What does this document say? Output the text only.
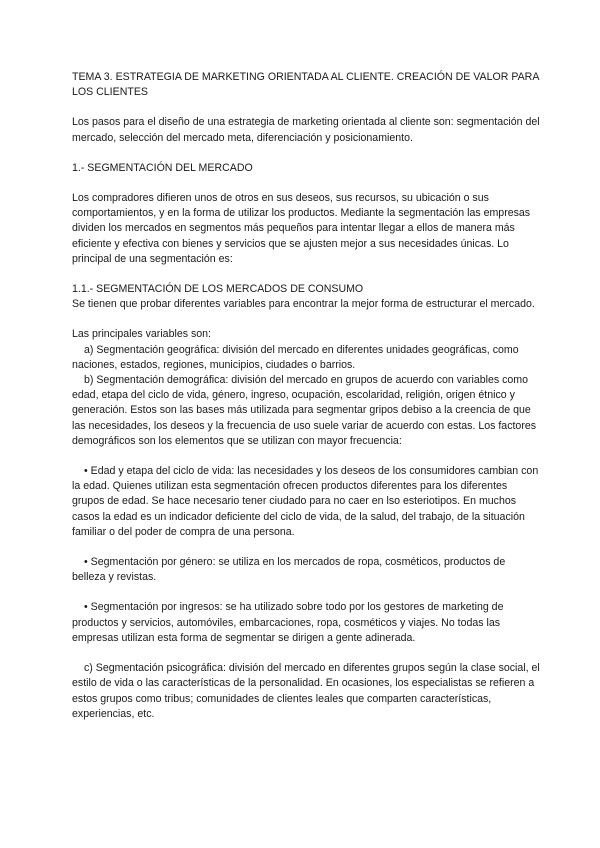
TEMA 3. ESTRATEGIA DE MARKETING ORIENTADA AL CLIENTE. CREACIÓN DE VALOR PARA LOS CLIENTES

Los pasos para el diseño de una estrategia de marketing orientada al cliente son: segmentación del mercado, selección del mercado meta, diferenciación y posicionamiento.

1.- SEGMENTACIÓN DEL MERCADO

Los compradores difieren unos de otros en sus deseos, sus recursos, su ubicación o sus comportamientos, y en la forma de utilizar los productos. Mediante la segmentación las empresas dividen los mercados en segmentos más pequeños para intentar llegar a ellos de manera más eficiente y efectiva con bienes y servicios que se ajusten mejor a sus necesidades únicas. Lo principal de una segmentación es:

1.1.- SEGMENTACIÓN DE LOS MERCADOS DE CONSUMO

Se tienen que probar diferentes variables para encontrar la mejor forma de estructurar el mercado.

Las principales variables son:

a) Segmentación geográfica: división del mercado en diferentes unidades geográficas, como naciones, estados, regiones, municipios, ciudades o barrios.

b) Segmentación demográfica: división del mercado en grupos de acuerdo con variables como edad, etapa del ciclo de vida, género, ingreso, ocupación, escolaridad, religión, origen étnico y generación. Estos son las bases más utilizada para segmentar gripos debiso a la creencia de que las necesidades, los deseos y la frecuencia de uso suele variar de acuerdo con estas. Los factores demográficos son los elementos que se utilizan con mayor frecuencia:

• Edad y etapa del ciclo de vida: las necesidades y los deseos de los consumidores cambian con la edad. Quienes utilizan esta segmentación ofrecen productos diferentes para los diferentes grupos de edad. Se hace necesario tener ciudado para no caer en lso esteriotipos. En muchos casos la edad es un indicador deficiente del ciclo de vida, de la salud, del trabajo, de la situación familiar o del poder de compra de una persona.

• Segmentación por género: se utiliza en los mercados de ropa, cosméticos, productos de belleza y revistas.

• Segmentación por ingresos: se ha utilizado sobre todo por los gestores de marketing de productos y servicios, automóviles, embarcaciones, ropa, cosméticos y viajes. No todas las empresas utilizan esta forma de segmentar se dirigen a gente adinerada.

c) Segmentación psicográfica: división del mercado en diferentes grupos según la clase social, el estilo de vida o las características de la personalidad. En ocasiones, los especialistas se refieren a estos grupos como tribus; comunidades de clientes leales que comparten características, experiencias, etc.
